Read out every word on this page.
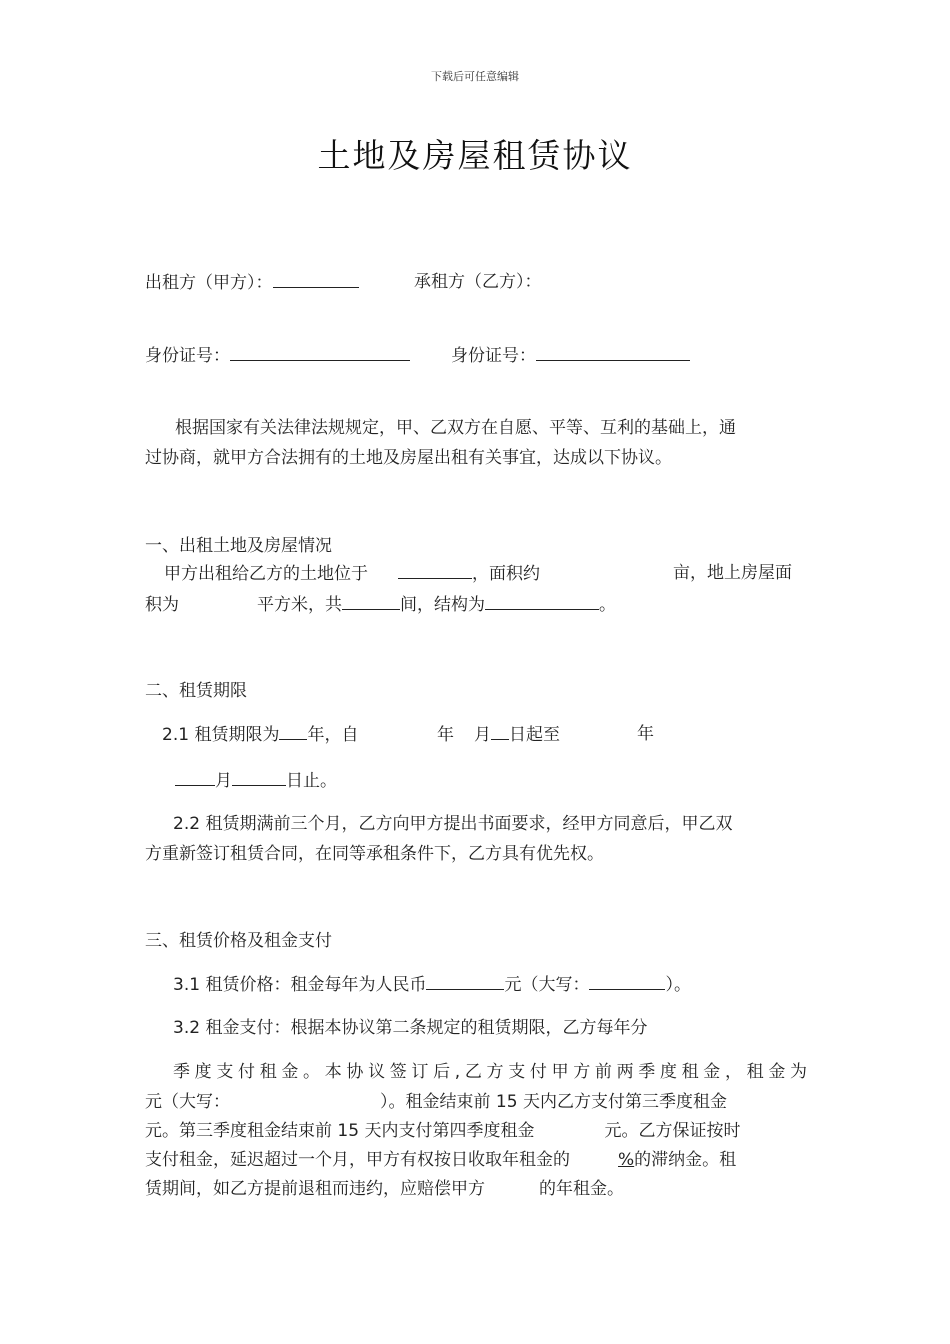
下载后可任意编辑
土地及房屋租赁协议
出租方（甲方）：	承租方（乙方）：
身份证号：	身份证号：
根据国家有关法律法规规定，甲、乙双方在自愿、平等、互利的基础上，通
过协商，就甲方合法拥有的土地及房屋出租有关事宜，达成以下协议。
一、出租土地及房屋情况
甲方出租给乙方的土地位于	，面积约	亩，地上房屋面
积为	平方米，共	间，结构为	。
二、租赁期限
2.1 租赁期限为 年，自	年 月 日起至	年
月	日止。
2.2 租赁期满前三个月，乙方向甲方提出书面要求，经甲方同意后，甲乙双
方重新签订租赁合同，在同等承租条件下，乙方具有优先权。
三、租赁价格及租金支付
3.1 租赁价格：租金每年为人民币	元（大写：	）。
3.2 租金支付：根据本协议第二条规定的租赁期限，乙方每年分
季度支付租金。本协议签订后,乙方支付甲方前两季度租金，租金为
元（大写：	）。租金结束前 15 天内乙方支付第三季度租金
元。第三季度租金结束前 15 天内支付第四季度租金	元。乙方保证按时
支付租金，延迟超过一个月，甲方有权按日收取年租金的	%的滞纳金。租
赁期间，如乙方提前退租而违约，应赔偿甲方	的年租金。
